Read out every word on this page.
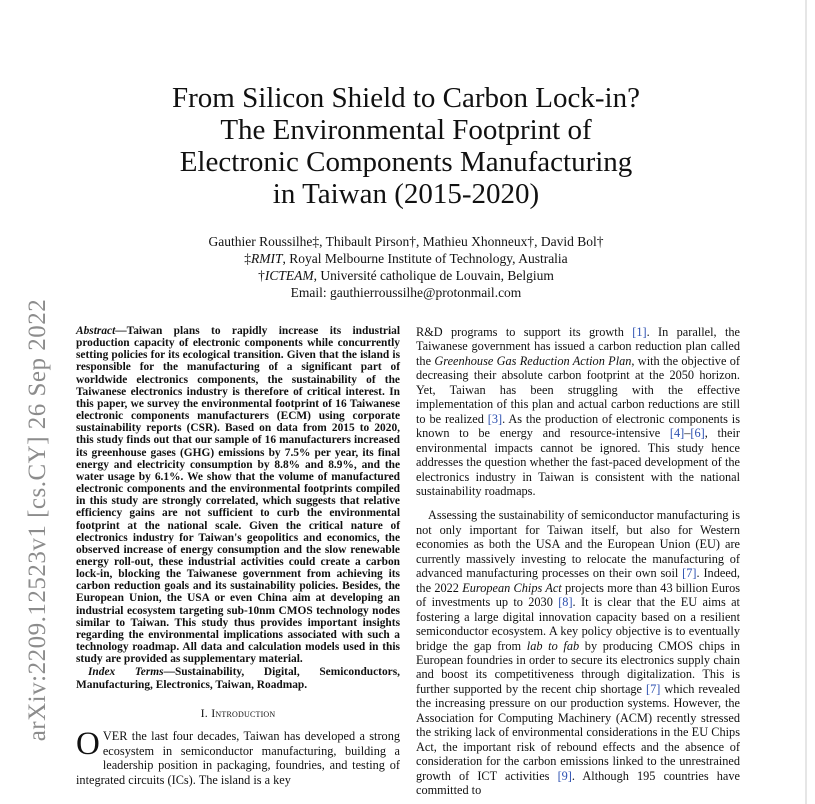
arXiv:2209.12523v1 [cs.CY] 26 Sep 2022
From Silicon Shield to Carbon Lock-in?
The Environmental Footprint of
Electronic Components Manufacturing
in Taiwan (2015-2020)
Gauthier Roussilhe‡, Thibault Pirson†, Mathieu Xhonneux†, David Bol†
‡RMIT, Royal Melbourne Institute of Technology, Australia
†ICTEAM, Université catholique de Louvain, Belgium
Email: gauthierroussilhe@protonmail.com

Abstract—Taiwan plans to rapidly increase its industrial production capacity of electronic components while concurrently setting policies for its ecological transition. Given that the island is responsible for the manufacturing of a significant part of worldwide electronics components, the sustainability of the Taiwanese electronics industry is therefore of critical interest. In this paper, we survey the environmental footprint of 16 Taiwanese electronic components manufacturers (ECM) using corporate sustainability reports (CSR). Based on data from 2015 to 2020, this study finds out that our sample of 16 manufacturers increased its greenhouse gases (GHG) emissions by 7.5% per year, its final energy and electricity consumption by 8.8% and 8.9%, and the water usage by 6.1%. We show that the volume of manufactured electronic components and the environmental footprints compiled in this study are strongly correlated, which suggests that relative efficiency gains are not sufficient to curb the environmental footprint at the national scale. Given the critical nature of electronics industry for Taiwan's geopolitics and economics, the observed increase of energy consumption and the slow renewable energy roll-out, these industrial activities could create a carbon lock-in, blocking the Taiwanese government from achieving its carbon reduction goals and its sustainability policies. Besides, the European Union, the USA or even China aim at developing an industrial ecosystem targeting sub-10nm CMOS technology nodes similar to Taiwan. This study thus provides important insights regarding the environmental implications associated with such a technology roadmap. All data and calculation models used in this study are provided as supplementary material.

Index Terms—Sustainability, Digital, Semiconductors, Manufacturing, Electronics, Taiwan, Roadmap.

I. Introduction

OVER the last four decades, Taiwan has developed a strong ecosystem in semiconductor manufacturing, building a leadership position in packaging, foundries, and testing of integrated circuits (ICs). The island is a key

R&D programs to support its growth [1]. In parallel, the Taiwanese government has issued a carbon reduction plan called the Greenhouse Gas Reduction Action Plan, with the objective of decreasing their absolute carbon footprint at the 2050 horizon. Yet, Taiwan has been struggling with the effective implementation of this plan and actual carbon reductions are still to be realized [3]. As the production of electronic components is known to be energy and resource-intensive [4]–[6], their environmental impacts cannot be ignored. This study hence addresses the question whether the fast-paced development of the electronics industry in Taiwan is consistent with the national sustainability roadmaps.

Assessing the sustainability of semiconductor manufacturing is not only important for Taiwan itself, but also for Western economies as both the USA and the European Union (EU) are currently massively investing to relocate the manufacturing of advanced manufacturing processes on their own soil [7]. Indeed, the 2022 European Chips Act projects more than 43 billion Euros of investments up to 2030 [8]. It is clear that the EU aims at fostering a large digital innovation capacity based on a resilient semiconductor ecosystem. A key policy objective is to eventually bridge the gap from lab to fab by producing CMOS chips in European foundries in order to secure its electronics supply chain and boost its competitiveness through digitalization. This is further supported by the recent chip shortage [7] which revealed the increasing pressure on our production systems. However, the Association for Computing Machinery (ACM) recently stressed the striking lack of environmental considerations in the EU Chips Act, the important risk of rebound effects and the absence of consideration for the carbon emissions linked to the unrestrained growth of ICT activities [9]. Although 195 countries have committed to
